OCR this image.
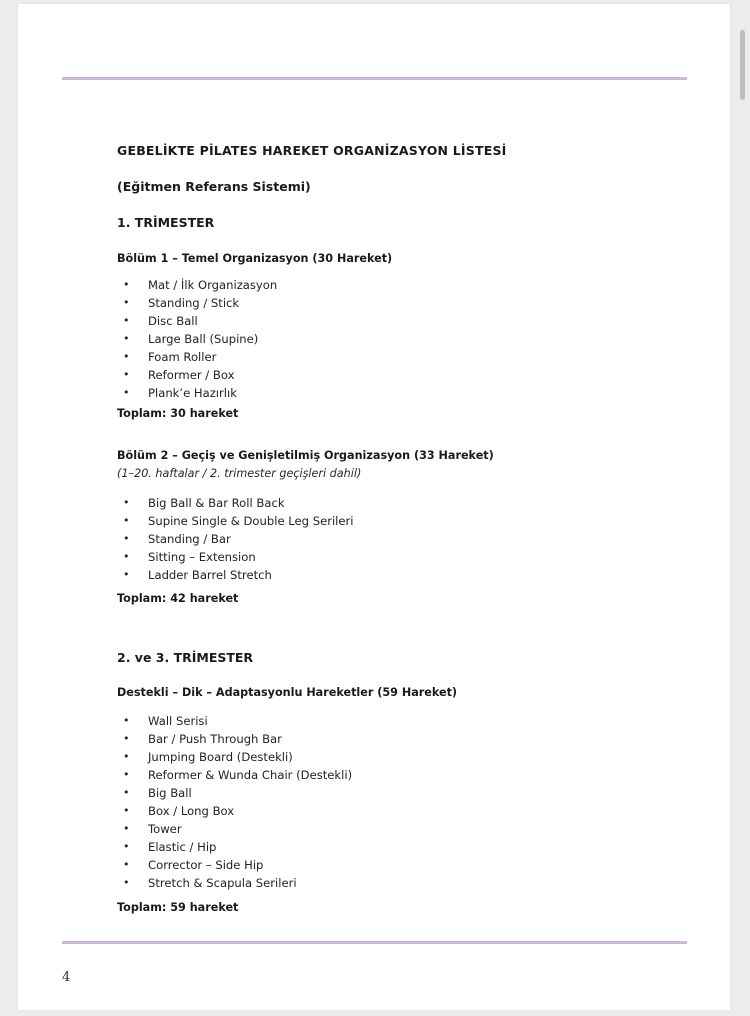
GEBELİKTE PİLATES HAREKET ORGANİZASYON LİSTESİ
(Eğitmen Referans Sistemi)
1. TRİMESTER
Bölüm 1 – Temel Organizasyon (30 Hareket)
• Mat / İlk Organizasyon
• Standing / Stick
• Disc Ball
• Large Ball (Supine)
• Foam Roller
• Reformer / Box
• Plank’e Hazırlık

Toplam: 30 hareket

Bölüm 2 – Geçiş ve Genişletilmiş Organizasyon (33 Hareket)

(1–20. haftalar / 2. trimester geçişleri dahil)

• Big Ball & Bar Roll Back
• Supine Single & Double Leg Serileri
• Standing / Bar
• Sitting – Extension
• Ladder Barrel Stretch

Toplam: 42 hareket

2. ve 3. TRİMESTER
Destekli – Dik – Adaptasyonlu Hareketler (59 Hareket)
• Wall Serisi
• Bar / Push Through Bar
• Jumping Board (Destekli)
• Reformer & Wunda Chair (Destekli)
• Big Ball
• Box / Long Box
• Tower
• Elastic / Hip
• Corrector – Side Hip
• Stretch & Scapula Serileri

Toplam: 59 hareket

4
